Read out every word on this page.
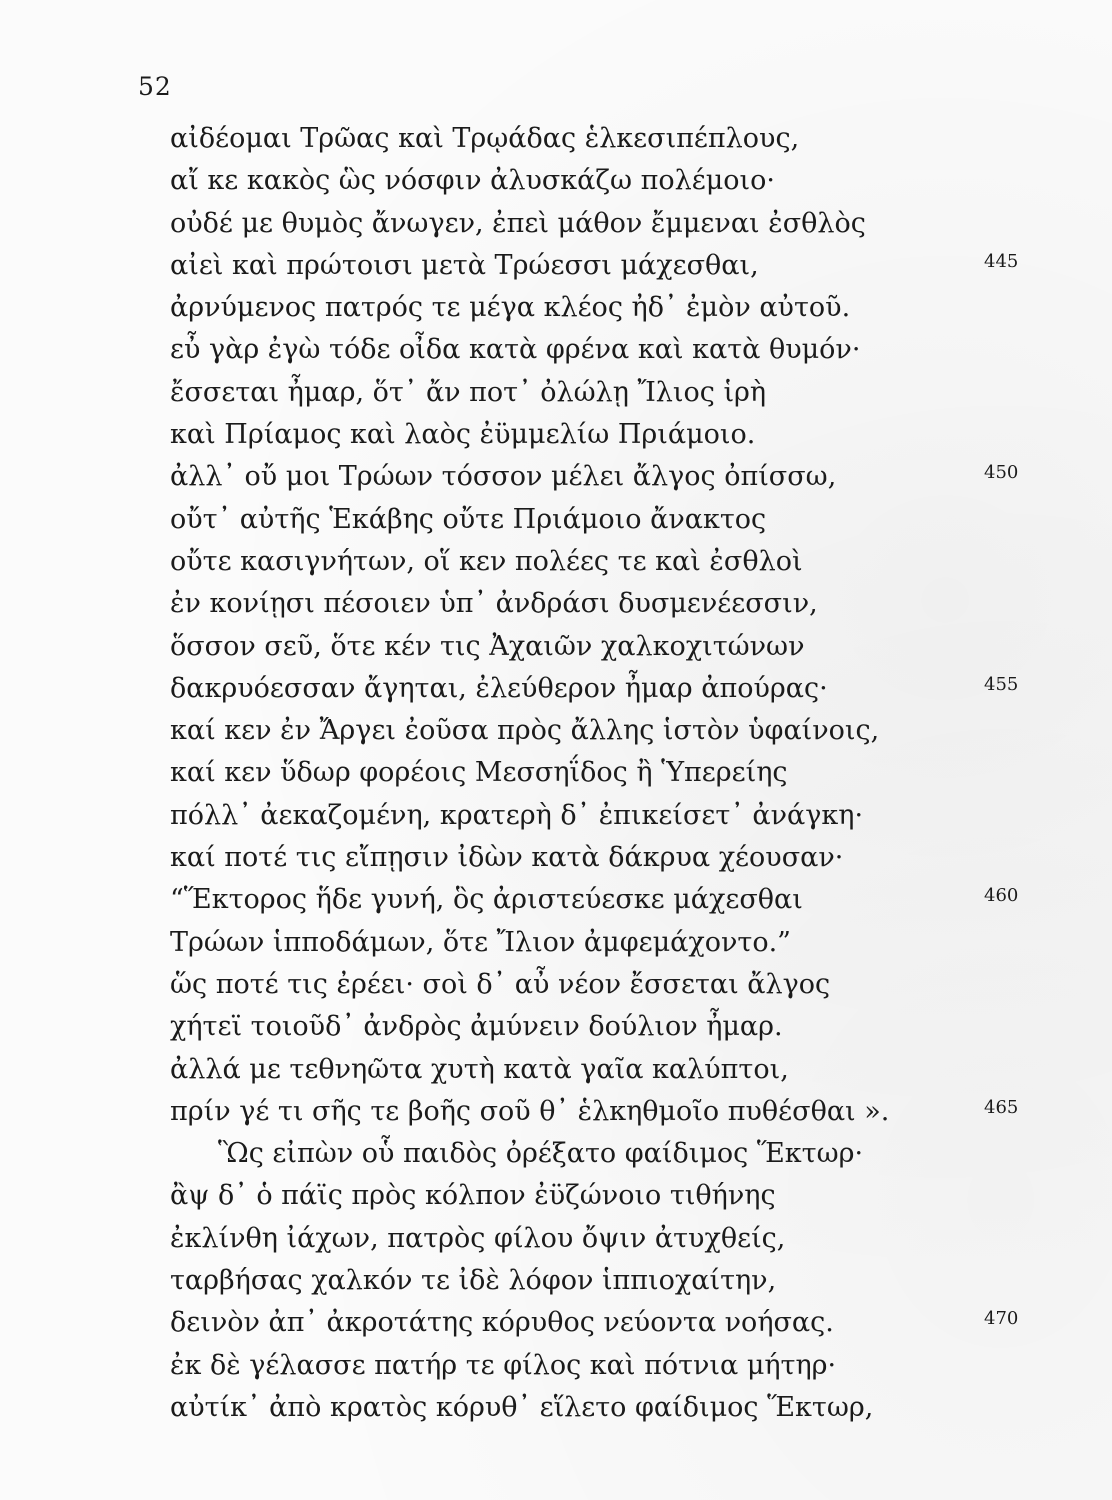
52
αἰδέομαι Τρῶας καὶ Τρῳάδας ἑλκεσιπέπλους,
αἴ κε κακὸς ὣς νόσφιν ἀλυσκάζω πολέμοιο·
οὐδέ με θυμὸς ἄνωγεν, ἐπεὶ μάθον ἔμμεναι ἐσθλὸς
αἰεὶ καὶ πρώτοισι μετὰ Τρώεσσι μάχεσθαι,	445
ἀρνύμενος πατρός τε μέγα κλέος ἠδ᾽ ἐμὸν αὐτοῦ.
εὖ γὰρ ἐγὼ τόδε οἶδα κατὰ φρένα καὶ κατὰ θυμόν·
ἔσσεται ἦμαρ, ὅτ᾽ ἄν ποτ᾽ ὀλώλῃ Ἴλιος ἱρὴ
καὶ Πρίαμος καὶ λαὸς ἐϋμμελίω Πριάμοιο.
ἀλλ᾽ οὔ μοι Τρώων τόσσον μέλει ἄλγος ὀπίσσω,	450
οὔτ᾽ αὐτῆς Ἑκάβης οὔτε Πριάμοιο ἄνακτος
οὔτε κασιγνήτων, οἵ κεν πολέες τε καὶ ἐσθλοὶ
ἐν κονίῃσι πέσοιεν ὑπ᾽ ἀνδράσι δυσμενέεσσιν,
ὅσσον σεῦ, ὅτε κέν τις Ἀχαιῶν χαλκοχιτώνων
δακρυόεσσαν ἄγηται, ἐλεύθερον ἦμαρ ἀπούρας·	455
καί κεν ἐν Ἄργει ἐοῦσα πρὸς ἄλλης ἱστὸν ὑφαίνοις,
καί κεν ὕδωρ φορέοις Μεσσηΐδος ἢ Ὑπερείης
πόλλ᾽ ἀεκαζομένη, κρατερὴ δ᾽ ἐπικείσετ᾽ ἀνάγκη·
καί ποτέ τις εἴπῃσιν ἰδὼν κατὰ δάκρυα χέουσαν·
“Ἕκτορος ἥδε γυνή, ὃς ἀριστεύεσκε μάχεσθαι	460
Τρώων ἱπποδάμων, ὅτε Ἴλιον ἀμφεμάχοντο.”
ὥς ποτέ τις ἐρέει· σοὶ δ᾽ αὖ νέον ἔσσεται ἄλγος
χήτεϊ τοιοῦδ᾽ ἀνδρὸς ἀμύνειν δούλιον ἦμαρ.
ἀλλά με τεθνηῶτα χυτὴ κατὰ γαῖα καλύπτοι,
πρίν γέ τι σῆς τε βοῆς σοῦ θ᾽ ἑλκηθμοῖο πυθέσθαι ».	465
Ὣς εἰπὼν οὗ παιδὸς ὀρέξατο φαίδιμος Ἕκτωρ·
ἂψ δ᾽ ὁ πάϊς πρὸς κόλπον ἐϋζώνοιο τιθήνης
ἐκλίνθη ἰάχων, πατρὸς φίλου ὄψιν ἀτυχθείς,
ταρβήσας χαλκόν τε ἰδὲ λόφον ἱππιοχαίτην,
δεινὸν ἀπ᾽ ἀκροτάτης κόρυθος νεύοντα νοήσας.	470
ἐκ δὲ γέλασσε πατήρ τε φίλος καὶ πότνια μήτηρ·
αὐτίκ᾽ ἀπὸ κρατὸς κόρυθ᾽ εἵλετο φαίδιμος Ἕκτωρ,
